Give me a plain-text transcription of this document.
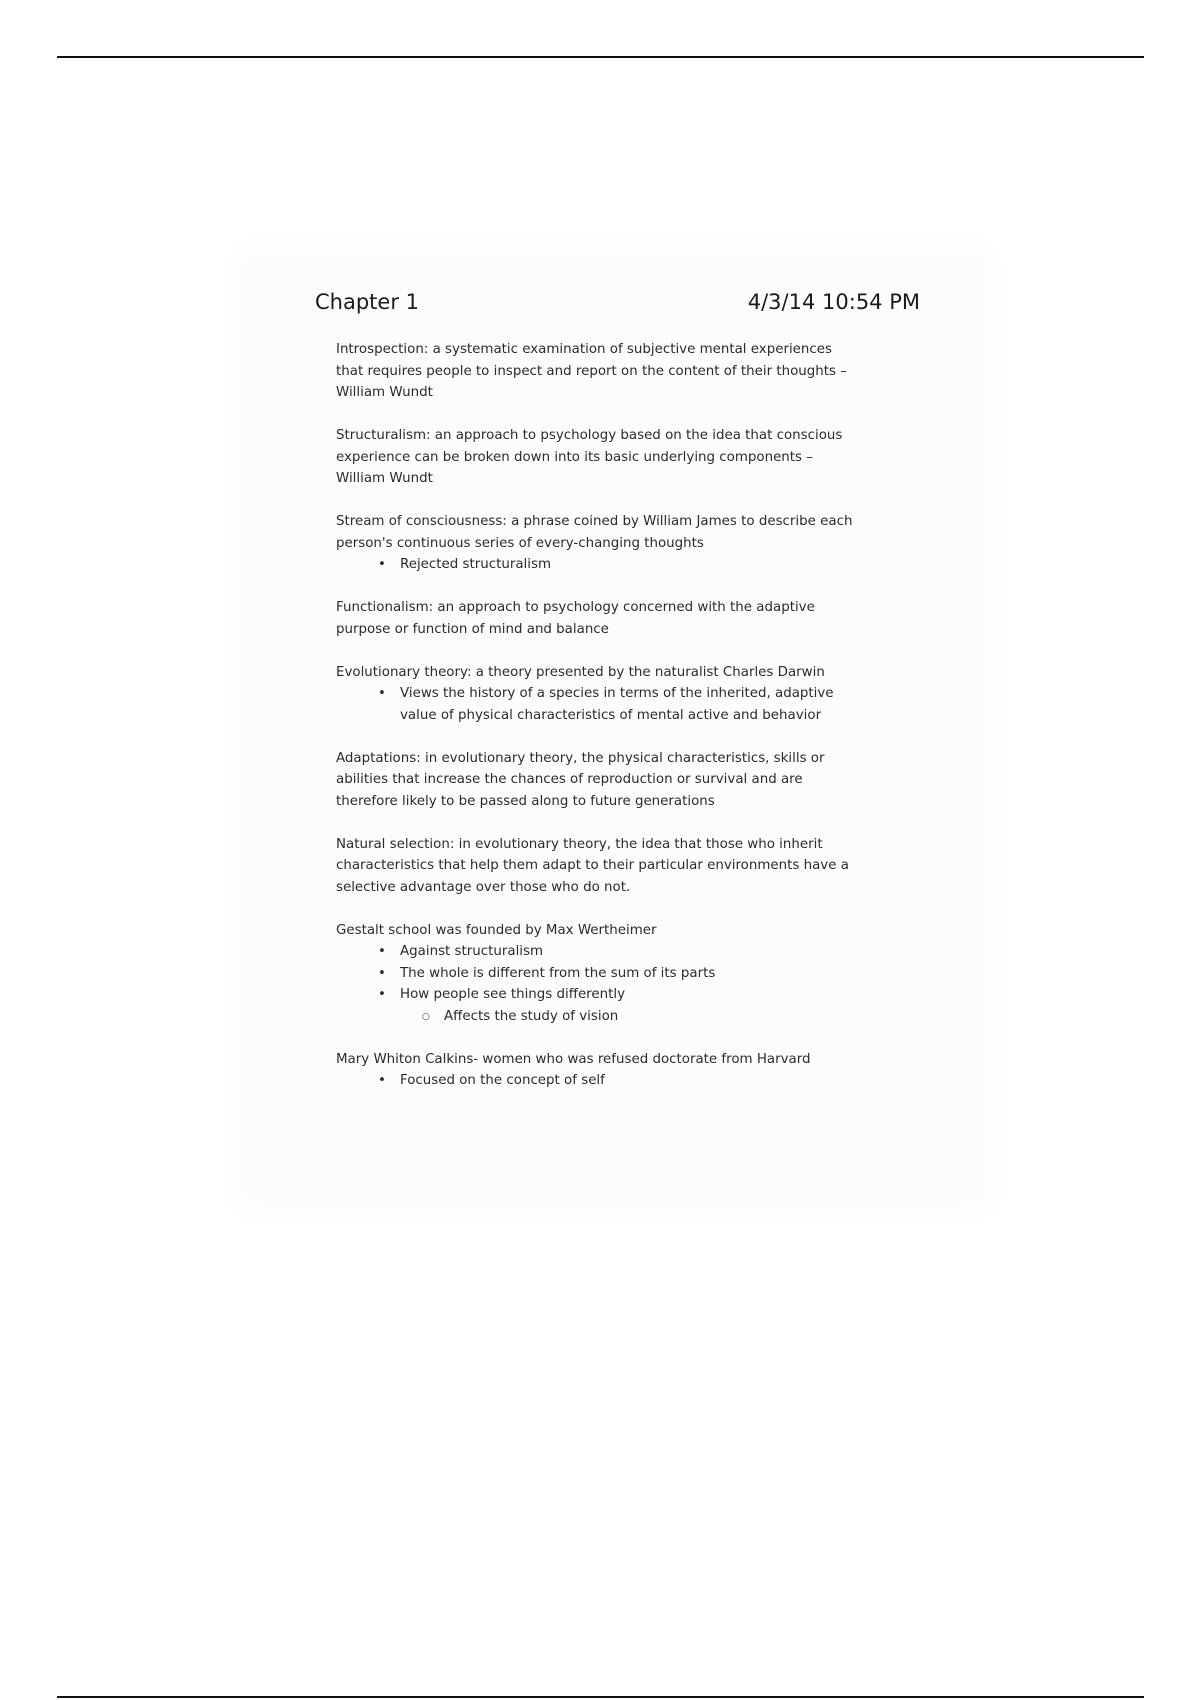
Chapter 1	4/3/14 10:54 PM

Introspection: a systematic examination of subjective mental experiences
that requires people to inspect and report on the content of their thoughts –
William Wundt

Structuralism: an approach to psychology based on the idea that conscious
experience can be broken down into its basic underlying components –
William Wundt

Stream of consciousness: a phrase coined by William James to describe each
person's continuous series of every-changing thoughts

• Rejected structuralism

Functionalism: an approach to psychology concerned with the adaptive
purpose or function of mind and balance

Evolutionary theory: a theory presented by the naturalist Charles Darwin

• Views the history of a species in terms of the inherited, adaptive
value of physical characteristics of mental active and behavior

Adaptations: in evolutionary theory, the physical characteristics, skills or
abilities that increase the chances of reproduction or survival and are
therefore likely to be passed along to future generations

Natural selection: in evolutionary theory, the idea that those who inherit
characteristics that help them adapt to their particular environments have a
selective advantage over those who do not.

Gestalt school was founded by Max Wertheimer

• Against structuralism
• The whole is different from the sum of its parts
• How people see things differently
○ Affects the study of vision

Mary Whiton Calkins- women who was refused doctorate from Harvard

• Focused on the concept of self
